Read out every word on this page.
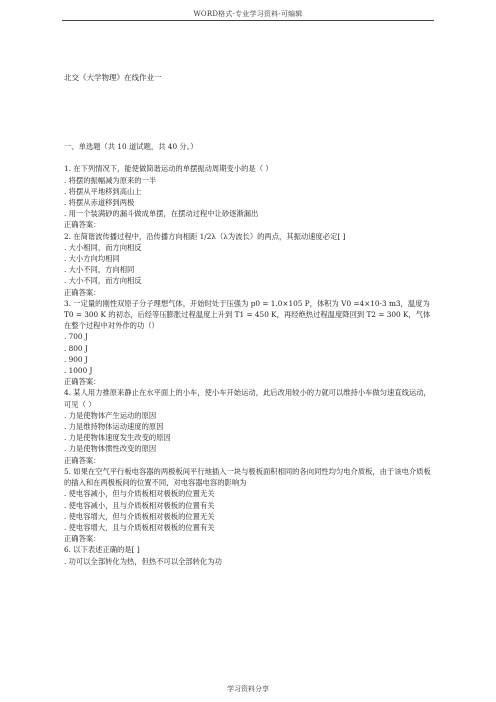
WORD格式-专业学习资料-可编辑

北交《大学物理》在线作业一

一、单选题（共 10 道试题，共 40 分。）

1. 在下列情况下，能使做简谐运动的单摆振动周期变小的是（ ）

. 将摆的振幅减为原来的一半

. 将摆从平地移到高山上

. 将摆从赤道移到两极

. 用一个装满砂的漏斗做成单摆，在摆动过程中让砂逐渐漏出

正确答案：

2. 在简谐波传播过程中，沿传播方向相距 1/2λ（λ为波长）的两点，其振动速度必定[ ]

. 大小相同，而方向相反

. 大小方向均相同

. 大小不同，方向相同

. 大小不同，而方向相反

正确答案：

3. 一定量的刚性双原子分子理想气体，开始时处于压强为 p0 = 1.0×105 P，体积为 V0 =4×10-3 m3，温度为 T0 = 300 K 的初态，后经等压膨胀过程温度上升到 T1 = 450 K，再经绝热过程温度降回到 T2 = 300 K，气体在整个过程中对外作的功（）

. 700 J

. 800 J

. 900 J

. 1000 J

正确答案：

4. 某人用力推原来静止在水平面上的小车，使小车开始运动，此后改用较小的力就可以维持小车做匀速直线运动，可见（ ）

. 力是使物体产生运动的原因

. 力是维持物体运动速度的原因

. 力是使物体速度发生改变的原因

. 力是使物体惯性改变的原因

正确答案：

5. 如果在空气平行板电容器的两极板间平行地插入一块与极板面积相同的各向同性均匀电介质板，由于该电介质板的插入和在两极板间的位置不同，对电容器电容的影响为

. 使电容减小，但与介质板相对极板的位置无关

. 使电容减小，且与介质板相对极板的位置有关

. 使电容增大，但与介质板相对极板的位置无关

. 使电容增大，且与介质板相对极板的位置有关

正确答案：

6. 以下表述正确的是[ ]

. 功可以全部转化为热，但热不可以全部转化为功

学习资料分享
